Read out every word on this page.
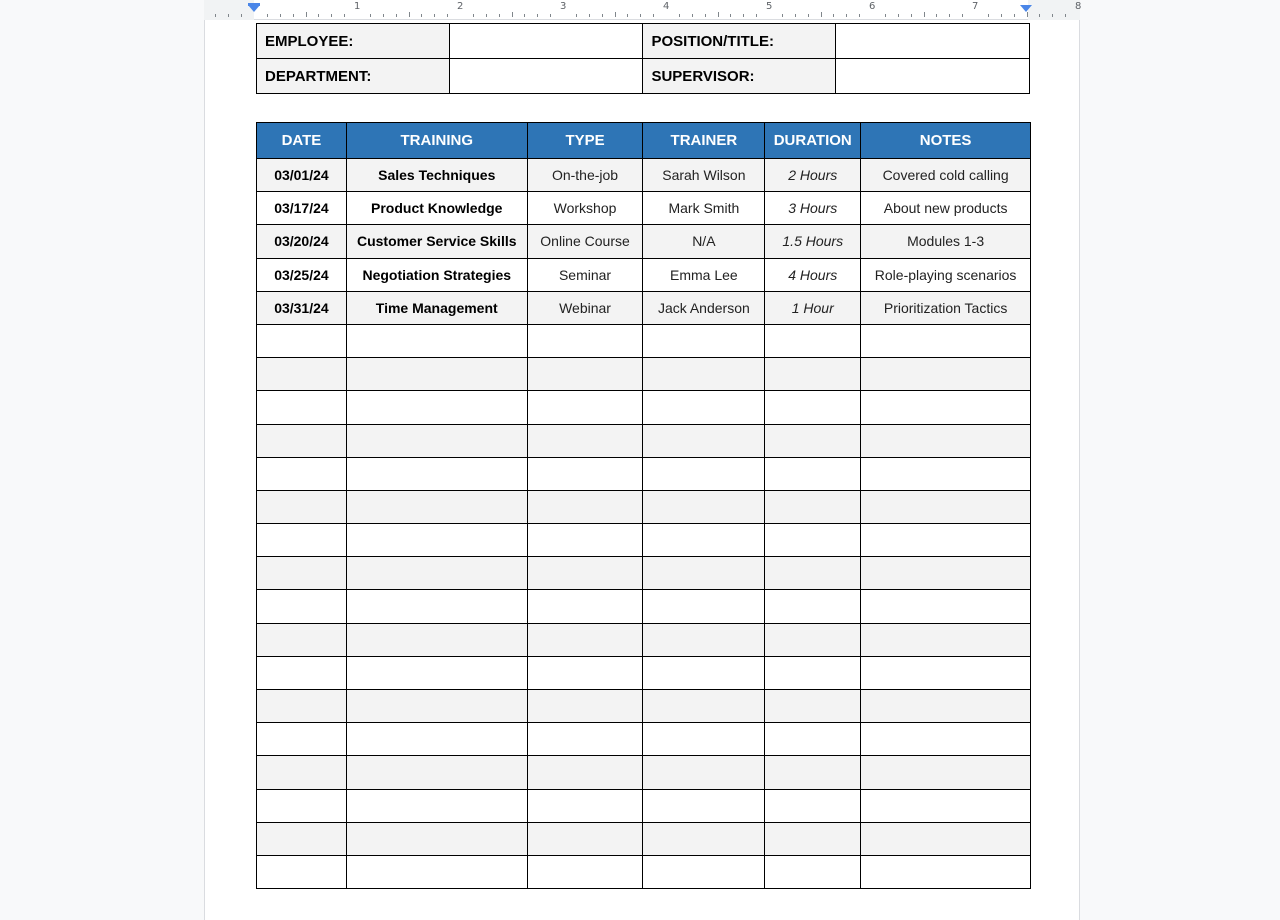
1	2	3	4	5	6	7	8
EMPLOYEE:		POSITION/TITLE:	
DEPARTMENT:		SUPERVISOR:	
DATE	TRAINING	TYPE	TRAINER	DURATION	NOTES
03/01/24	Sales Techniques	On-the-job	Sarah Wilson	2 Hours	Covered cold calling
03/17/24	Product Knowledge	Workshop	Mark Smith	3 Hours	About new products
03/20/24	Customer Service Skills	Online Course	N/A	1.5 Hours	Modules 1-3
03/25/24	Negotiation Strategies	Seminar	Emma Lee	4 Hours	Role-playing scenarios
03/31/24	Time Management	Webinar	Jack Anderson	1 Hour	Prioritization Tactics
